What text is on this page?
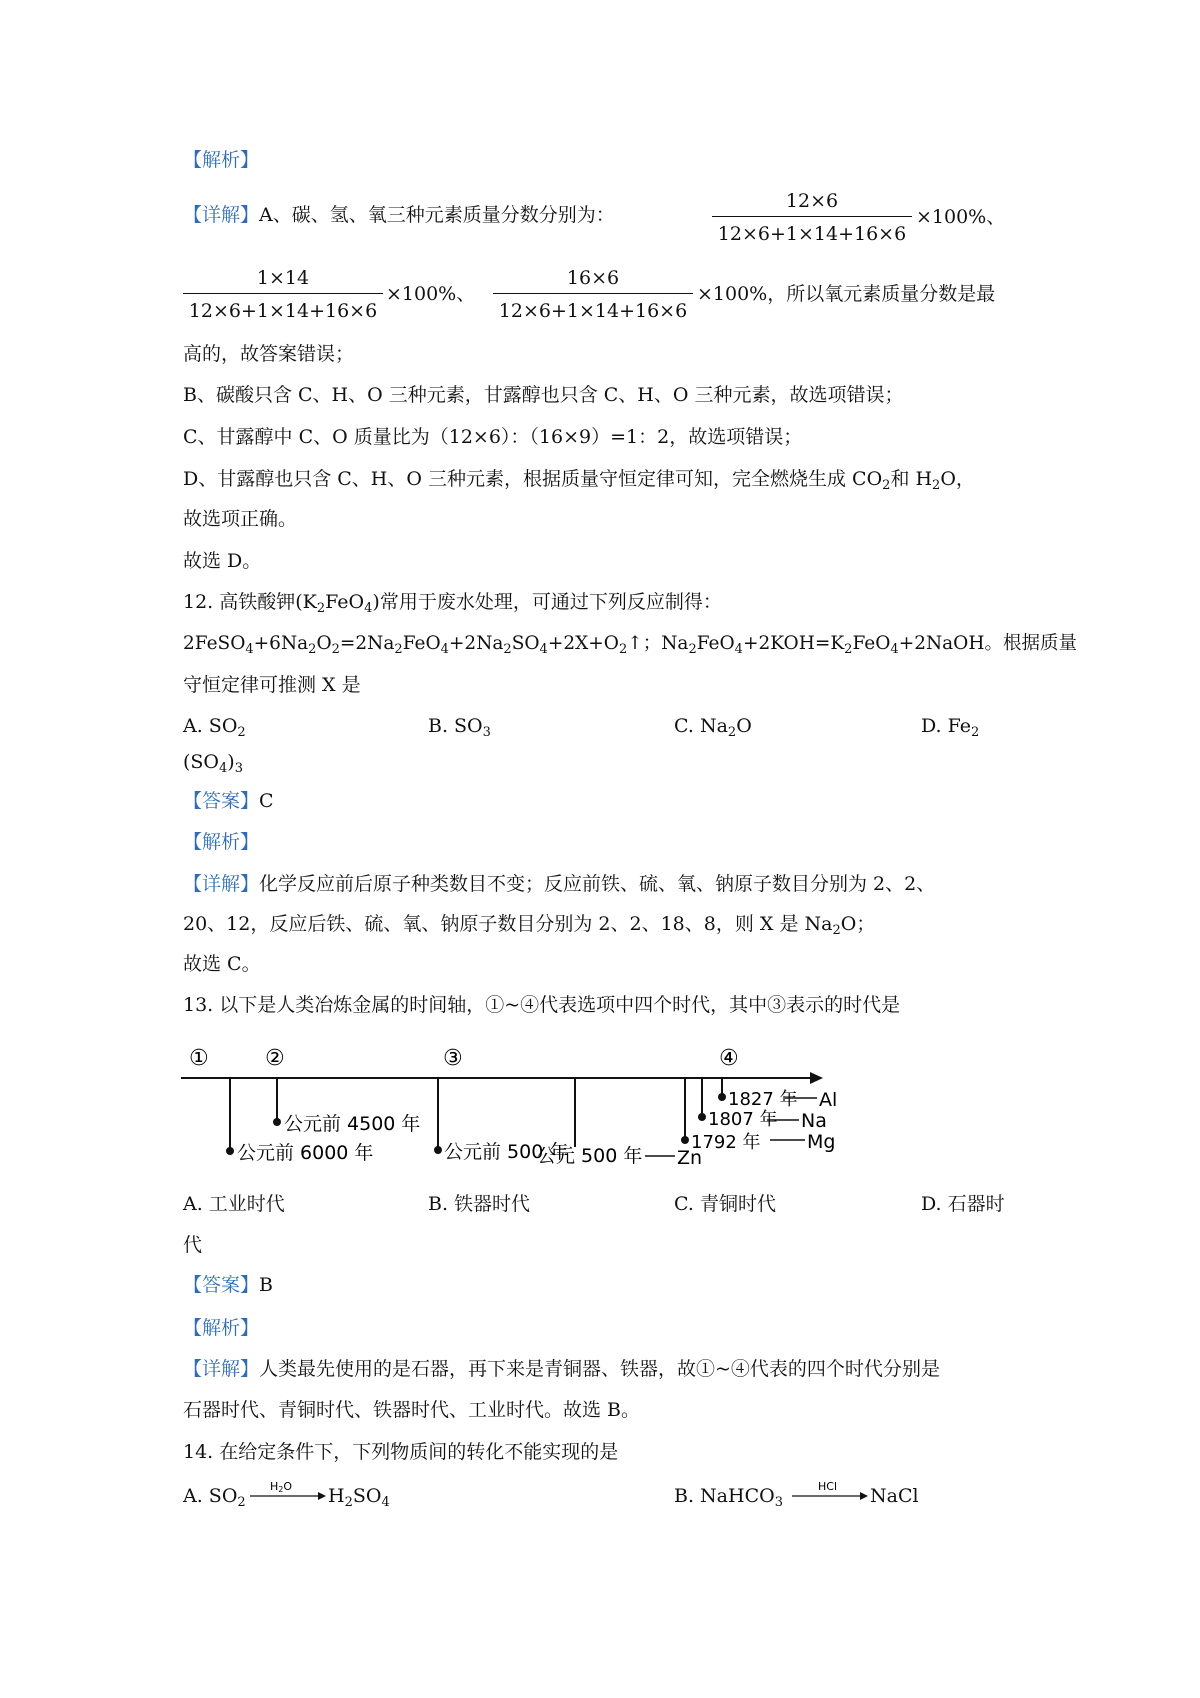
【解析】
【详解】A、碳、氢、氧三种元素质量分数分别为：	$\frac{12\times 6}{12\times 6+1\times 14+16\times 6} \times 100\%$、
$\frac{1\times 14}{12\times 6+1\times 14+16\times 6} \times 100\%$、 $\frac{16\times 6}{12\times 6+1\times 14+16\times 6} \times 100\%$，所以氧元素质量分数是最
高的，故答案错误；
B、碳酸只含 C、H、O 三种元素，甘露醇也只含 C、H、O 三种元素，故选项错误；
C、甘露醇中 C、O 质量比为（12×6）：（16×9）=1：2，故选项错误；
D、甘露醇也只含 C、H、O 三种元素，根据质量守恒定律可知，完全燃烧生成 $CO_2$和 $H_2O$，
故选项正确。
故选 D。
12. 高铁酸钾$(K_2FeO_4)$常用于废水处理，可通过下列反应制得：
$2FeSO_4+6Na_2O_2=2Na_2FeO_4+2Na_2SO_4+2X+O_2↑$；$Na_2FeO_4+2KOH=K_2FeO_4+2NaOH$。根据质量
守恒定律可推测 X 是
A. $SO_2$	B. $SO_3$	C. $Na_2O$	D. $Fe_2$
$(SO_4)_3$
【答案】C
【解析】
【详解】化学反应前后原子种类数目不变；反应前铁、硫、氧、钠原子数目分别为 2、2、
20、12，反应后铁、硫、氧、钠原子数目分别为 2、2、18、8，则 X 是 $Na_2O$；
故选 C。
13. 以下是人类冶炼金属的时间轴，①~④代表选项中四个时代，其中③表示的时代是
①	②	③	④
公元前 6000 年
公元前 4500 年
公元前 500 年
公元 500 年
1792 年
1807 年
1827 年
Zn
Mg
Na
Al
A. 工业时代	B. 铁器时代	C. 青铜时代	D. 石器时
代
【答案】B
【解析】
【详解】人类最先使用的是石器，再下来是青铜器、铁器，故①~④代表的四个时代分别是
石器时代、青铜时代、铁器时代、工业时代。故选 B。
14. 在给定条件下，下列物质间的转化不能实现的是
A. $SO_2$
H2O $H_2SO_4$	B. NaHCO$_3$
HCl NaCl
